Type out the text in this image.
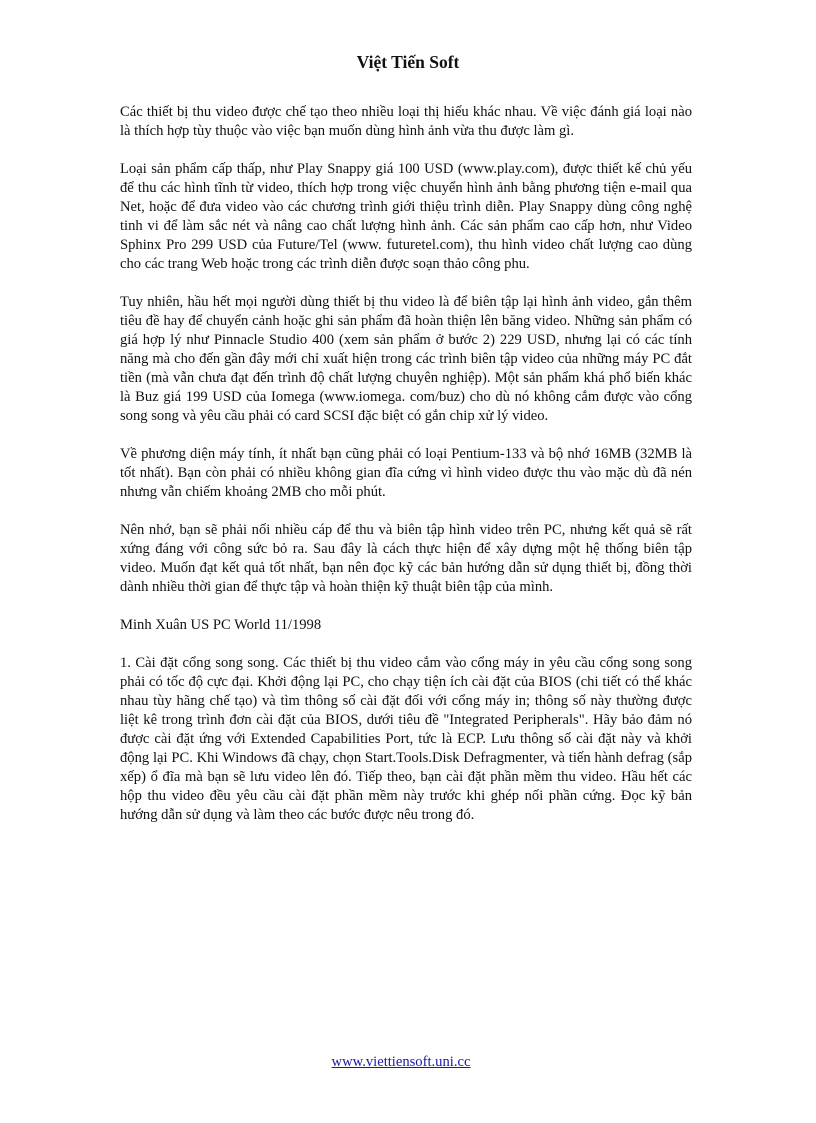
Việt Tiến Soft

Các thiết bị thu video được chế tạo theo nhiều loại thị hiếu khác nhau. Về việc đánh giá loại nào là thích hợp tùy thuộc vào việc bạn muốn dùng hình ảnh vừa thu được làm gì.

Loại sản phẩm cấp thấp, như Play Snappy giá 100 USD (www.play.com), được thiết kế chủ yếu để thu các hình tĩnh từ video, thích hợp trong việc chuyển hình ảnh bằng phương tiện e-mail qua Net, hoặc để đưa video vào các chương trình giới thiệu trình diễn. Play Snappy dùng công nghệ tinh vi để làm sắc nét và nâng cao chất lượng hình ảnh. Các sản phẩm cao cấp hơn, như Video Sphinx Pro 299 USD của Future/Tel (www. futuretel.com), thu hình video chất lượng cao dùng cho các trang Web hoặc trong các trình diễn được soạn thảo công phu.

Tuy nhiên, hầu hết mọi người dùng thiết bị thu video là để biên tập lại hình ảnh video, gắn thêm tiêu đề hay để chuyển cảnh hoặc ghi sản phẩm đã hoàn thiện lên băng video. Những sản phẩm có giá hợp lý như Pinnacle Studio 400 (xem sản phẩm ở bước 2) 229 USD, nhưng lại có các tính năng mà cho đến gần đây mới chỉ xuất hiện trong các trình biên tập video của những máy PC đắt tiền (mà vẫn chưa đạt đến trình độ chất lượng chuyên nghiệp). Một sản phẩm khá phổ biến khác là Buz giá 199 USD của Iomega (www.iomega. com/buz) cho dù nó không cắm được vào cổng song song và yêu cầu phải có card SCSI đặc biệt có gắn chip xử lý video.

Về phương diện máy tính, ít nhất bạn cũng phải có loại Pentium-133 và bộ nhớ 16MB (32MB là tốt nhất). Bạn còn phải có nhiều không gian đĩa cứng vì hình video được thu vào mặc dù đã nén nhưng vẫn chiếm khoảng 2MB cho mỗi phút.

Nên nhớ, bạn sẽ phải nối nhiều cáp để thu và biên tập hình video trên PC, nhưng kết quả sẽ rất xứng đáng với công sức bỏ ra. Sau đây là cách thực hiện để xây dựng một hệ thống biên tập video. Muốn đạt kết quả tốt nhất, bạn nên đọc kỹ các bản hướng dẫn sử dụng thiết bị, đồng thời dành nhiều thời gian để thực tập và hoàn thiện kỹ thuật biên tập của mình.

Minh Xuân US PC World 11/1998

1. Cài đặt cổng song song. Các thiết bị thu video cắm vào cổng máy in yêu cầu cổng song song phải có tốc độ cực đại. Khởi động lại PC, cho chạy tiện ích cài đặt của BIOS (chi tiết có thể khác nhau tùy hãng chế tạo) và tìm thông số cài đặt đối với cổng máy in; thông số này thường được liệt kê trong trình đơn cài đặt của BIOS, dưới tiêu đề "Integrated Peripherals". Hãy bảo đảm nó được cài đặt ứng với Extended Capabilities Port, tức là ECP. Lưu thông số cài đặt này và khởi động lại PC. Khi Windows đã chạy, chọn Start.Tools.Disk Defragmenter, và tiến hành defrag (sắp xếp) ổ đĩa mà bạn sẽ lưu video lên đó. Tiếp theo, bạn cài đặt phần mềm thu video. Hầu hết các hộp thu video đều yêu cầu cài đặt phần mềm này trước khi ghép nối phần cứng. Đọc kỹ bản hướng dẫn sử dụng và làm theo các bước được nêu trong đó.

www.viettiensoft.uni.cc
